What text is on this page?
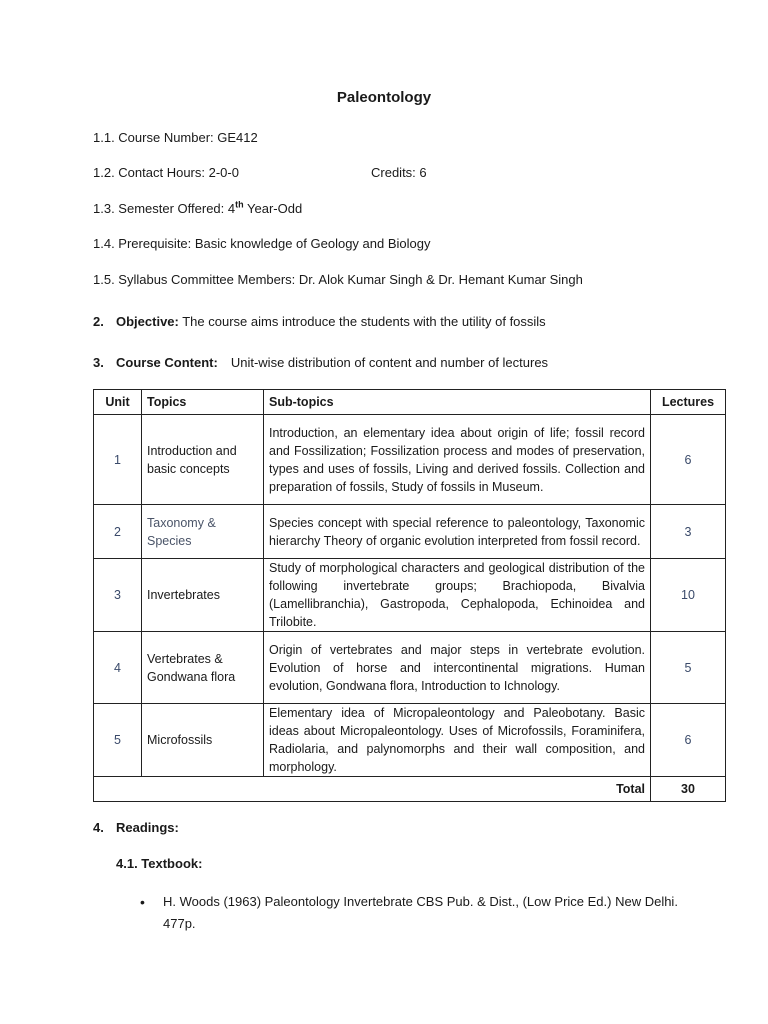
Paleontology
1.1. Course Number: GE412
1.2. Contact Hours: 2-0-0	Credits: 6
1.3. Semester Offered: 4th Year-Odd
1.4. Prerequisite: Basic knowledge of Geology and Biology
1.5. Syllabus Committee Members: Dr. Alok Kumar Singh & Dr. Hemant Kumar Singh
2. Objective: The course aims introduce the students with the utility of fossils
3. Course Content: Unit-wise distribution of content and number of lectures
Unit	Topics	Sub-topics	Lectures
1	Introduction and basic concepts	Introduction, an elementary idea about origin of life; fossil record and Fossilization; Fossilization process and modes of preservation, types and uses of fossils, Living and derived fossils. Collection and preparation of fossils, Study of fossils in Museum.	6
2	Taxonomy & Species	Species concept with special reference to paleontology, Taxonomic hierarchy Theory of organic evolution interpreted from fossil record.	3
3	Invertebrates	Study of morphological characters and geological distribution of the following invertebrate groups; Brachiopoda, Bivalvia (Lamellibranchia), Gastropoda, Cephalopoda, Echinoidea and Trilobite.	10
4	Vertebrates & Gondwana flora	Origin of vertebrates and major steps in vertebrate evolution. Evolution of horse and intercontinental migrations. Human evolution, Gondwana flora, Introduction to Ichnology.	5
5	Microfossils	Elementary idea of Micropaleontology and Paleobotany. Basic ideas about Micropaleontology. Uses of Microfossils, Foraminifera, Radiolaria, and palynomorphs and their wall composition, and morphology.	6
Total			30
4. Readings:
4.1. Textbook:
• H. Woods (1963) Paleontology Invertebrate CBS Pub. & Dist., (Low Price Ed.) New Delhi. 477p.
